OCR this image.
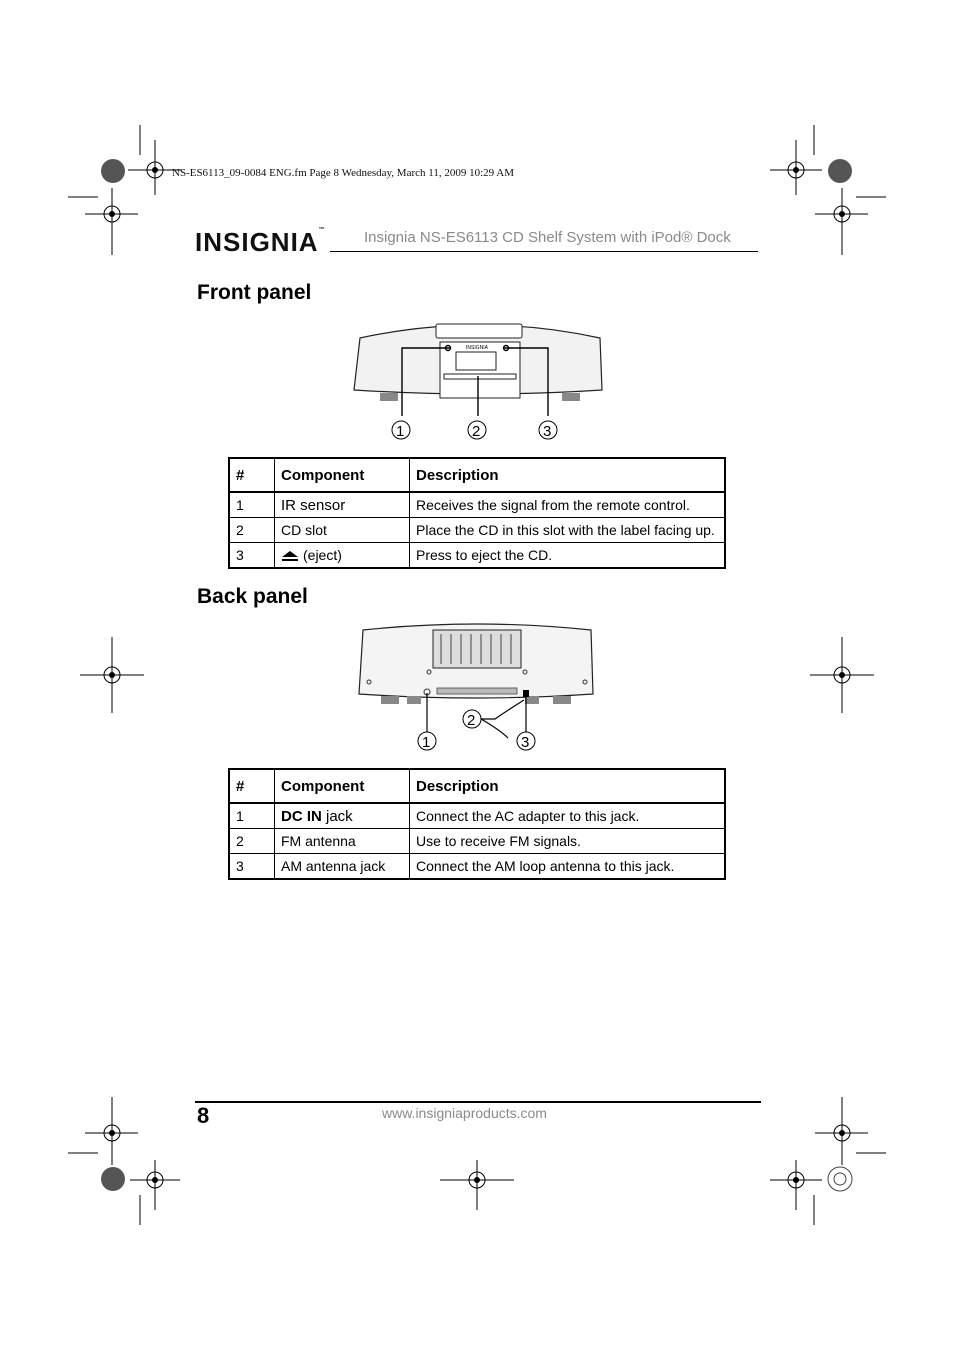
NS-ES6113_09-0084 ENG.fm Page 8 Wednesday, March 11, 2009 10:29 AM
INSIGNIA™	Insignia NS-ES6113 CD Shelf System with iPod® Dock
Front panel
INSIGNIA
1	2	3
#	Component	Description
1	IR sensor	Receives the signal from the remote control.
2	CD slot	Place the CD in this slot with the label facing up.
3	(eject)	Press to eject the CD.
Back panel
2
1	3
#	Component	Description
1	DC IN jack	Connect the AC adapter to this jack.
2	FM antenna	Use to receive FM signals.
3	AM antenna jack	Connect the AM loop antenna to this jack.
8	www.insigniaproducts.com
